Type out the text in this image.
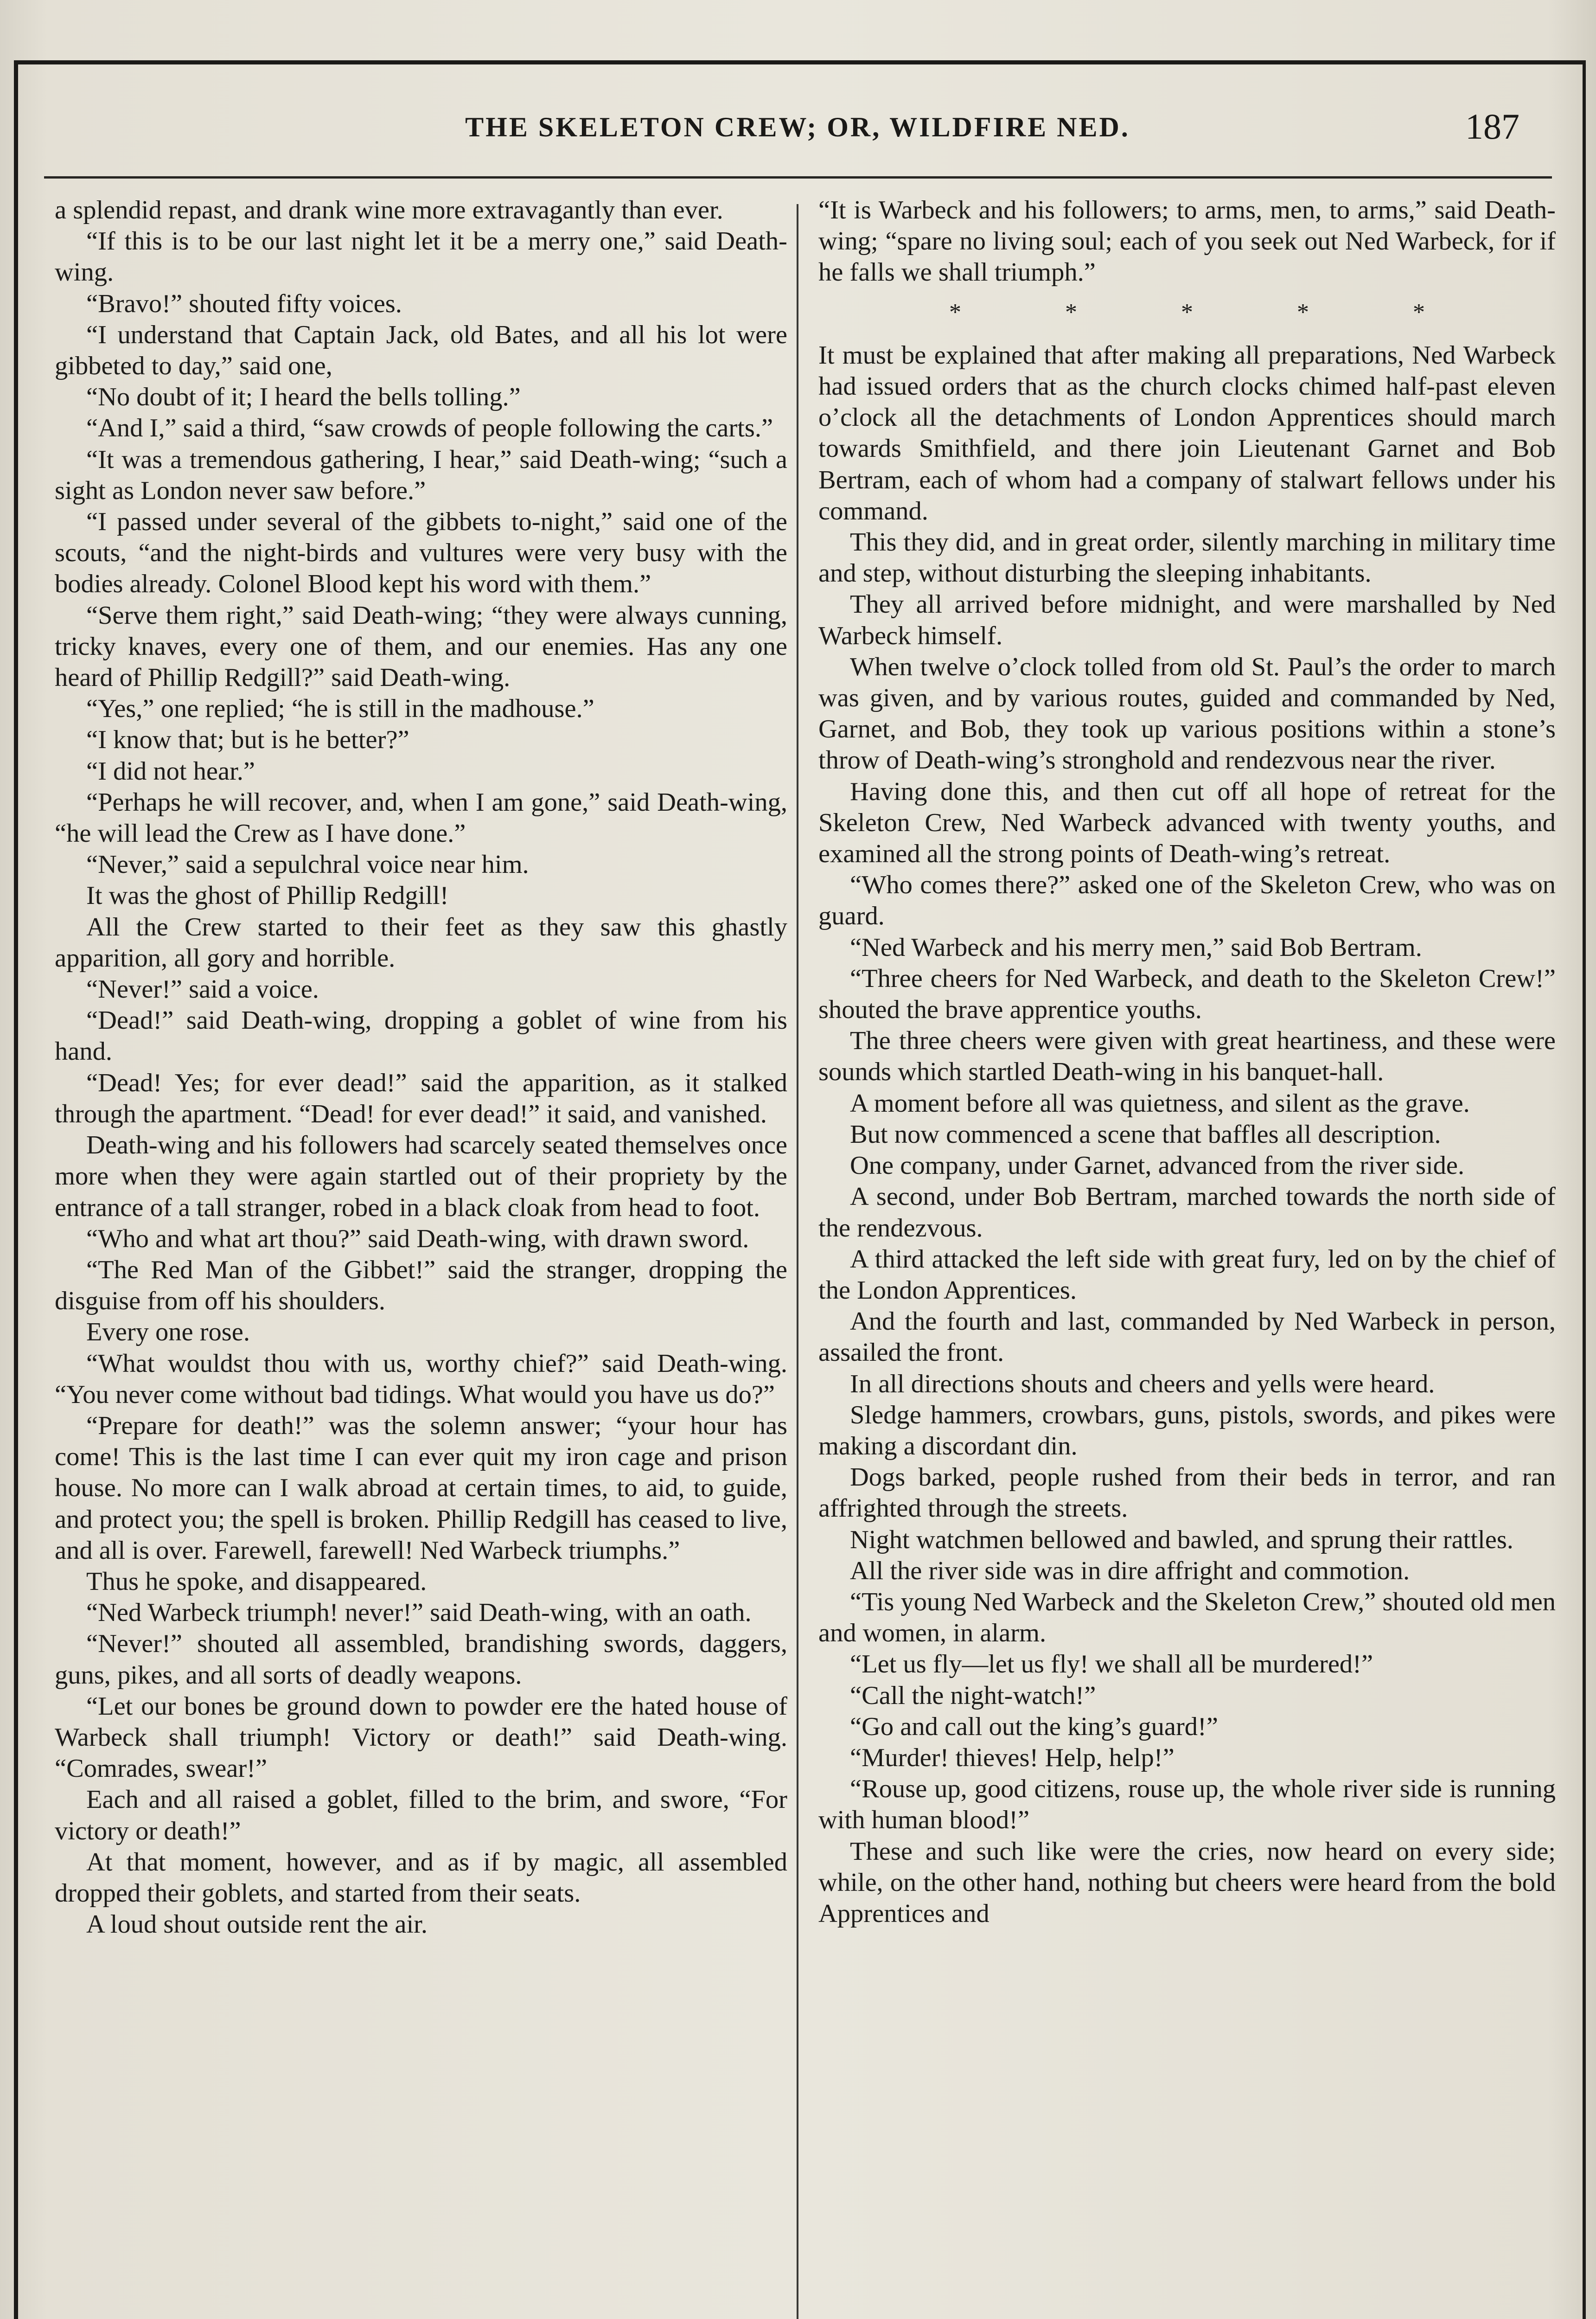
THE SKELETON CREW; OR, WILDFIRE NED.	187

a splendid repast, and drank wine more extravagantly than ever.

“If this is to be our last night let it be a merry one,” said Death-wing.

“Bravo!” shouted fifty voices.

“I understand that Captain Jack, old Bates, and all his lot were gibbeted to day,” said one,

“No doubt of it; I heard the bells tolling.”

“And I,” said a third, “saw crowds of people following the carts.”

“It was a tremendous gathering, I hear,” said Death-wing; “such a sight as London never saw before.”

“I passed under several of the gibbets to-night,” said one of the scouts, “and the night-birds and vultures were very busy with the bodies already. Colonel Blood kept his word with them.”

“Serve them right,” said Death-wing; “they were always cunning, tricky knaves, every one of them, and our enemies. Has any one heard of Phillip Redgill?” said Death-wing.

“Yes,” one replied; “he is still in the madhouse.”

“I know that; but is he better?”

“I did not hear.”

“Perhaps he will recover, and, when I am gone,” said Death-wing, “he will lead the Crew as I have done.”

“Never,” said a sepulchral voice near him.

It was the ghost of Phillip Redgill!

All the Crew started to their feet as they saw this ghastly apparition, all gory and horrible.

“Never!” said a voice.

“Dead!” said Death-wing, dropping a goblet of wine from his hand.

“Dead! Yes; for ever dead!” said the apparition, as it stalked through the apartment. “Dead! for ever dead!” it said, and vanished.

Death-wing and his followers had scarcely seated themselves once more when they were again startled out of their propriety by the entrance of a tall stranger, robed in a black cloak from head to foot.

“Who and what art thou?” said Death-wing, with drawn sword.

“The Red Man of the Gibbet!” said the stranger, dropping the disguise from off his shoulders.

Every one rose.

“What wouldst thou with us, worthy chief?” said Death-wing. “You never come without bad tidings. What would you have us do?”

“Prepare for death!” was the solemn answer; “your hour has come! This is the last time I can ever quit my iron cage and prison house. No more can I walk abroad at certain times, to aid, to guide, and protect you; the spell is broken. Phillip Redgill has ceased to live, and all is over. Farewell, farewell! Ned Warbeck triumphs.”

Thus he spoke, and disappeared.

“Ned Warbeck triumph! never!” said Death-wing, with an oath.

“Never!” shouted all assembled, brandishing swords, daggers, guns, pikes, and all sorts of deadly weapons.

“Let our bones be ground down to powder ere the hated house of Warbeck shall triumph! Victory or death!” said Death-wing. “Comrades, swear!”

Each and all raised a goblet, filled to the brim, and swore, “For victory or death!”

At that moment, however, and as if by magic, all assembled dropped their goblets, and started from their seats.

A loud shout outside rent the air.

“It is Warbeck and his followers; to arms, men, to arms,” said Death-wing; “spare no living soul; each of you seek out Ned Warbeck, for if he falls we shall triumph.”

*	*	*	*	*

It must be explained that after making all preparations, Ned Warbeck had issued orders that as the church clocks chimed half-past eleven o’clock all the detachments of London Apprentices should march towards Smithfield, and there join Lieutenant Garnet and Bob Bertram, each of whom had a company of stalwart fellows under his command.

This they did, and in great order, silently marching in military time and step, without disturbing the sleeping inhabitants.

They all arrived before midnight, and were marshalled by Ned Warbeck himself.

When twelve o’clock tolled from old St. Paul’s the order to march was given, and by various routes, guided and commanded by Ned, Garnet, and Bob, they took up various positions within a stone’s throw of Death-wing’s stronghold and rendezvous near the river.

Having done this, and then cut off all hope of retreat for the Skeleton Crew, Ned Warbeck advanced with twenty youths, and examined all the strong points of Death-wing’s retreat.

“Who comes there?” asked one of the Skeleton Crew, who was on guard.

“Ned Warbeck and his merry men,” said Bob Bertram.

“Three cheers for Ned Warbeck, and death to the Skeleton Crew!” shouted the brave apprentice youths.

The three cheers were given with great heartiness, and these were sounds which startled Death-wing in his banquet-hall.

A moment before all was quietness, and silent as the grave.

But now commenced a scene that baffles all description.

One company, under Garnet, advanced from the river side.

A second, under Bob Bertram, marched towards the north side of the rendezvous.

A third attacked the left side with great fury, led on by the chief of the London Apprentices.

And the fourth and last, commanded by Ned Warbeck in person, assailed the front.

In all directions shouts and cheers and yells were heard.

Sledge hammers, crowbars, guns, pistols, swords, and pikes were making a discordant din.

Dogs barked, people rushed from their beds in terror, and ran affrighted through the streets.

Night watchmen bellowed and bawled, and sprung their rattles.

All the river side was in dire affright and commotion.

“Tis young Ned Warbeck and the Skeleton Crew,” shouted old men and women, in alarm.

“Let us fly—let us fly! we shall all be murdered!”

“Call the night-watch!”

“Go and call out the king’s guard!”

“Murder! thieves! Help, help!”

“Rouse up, good citizens, rouse up, the whole river side is running with human blood!”

These and such like were the cries, now heard on every side; while, on the other hand, nothing but cheers were heard from the bold Apprentices and
